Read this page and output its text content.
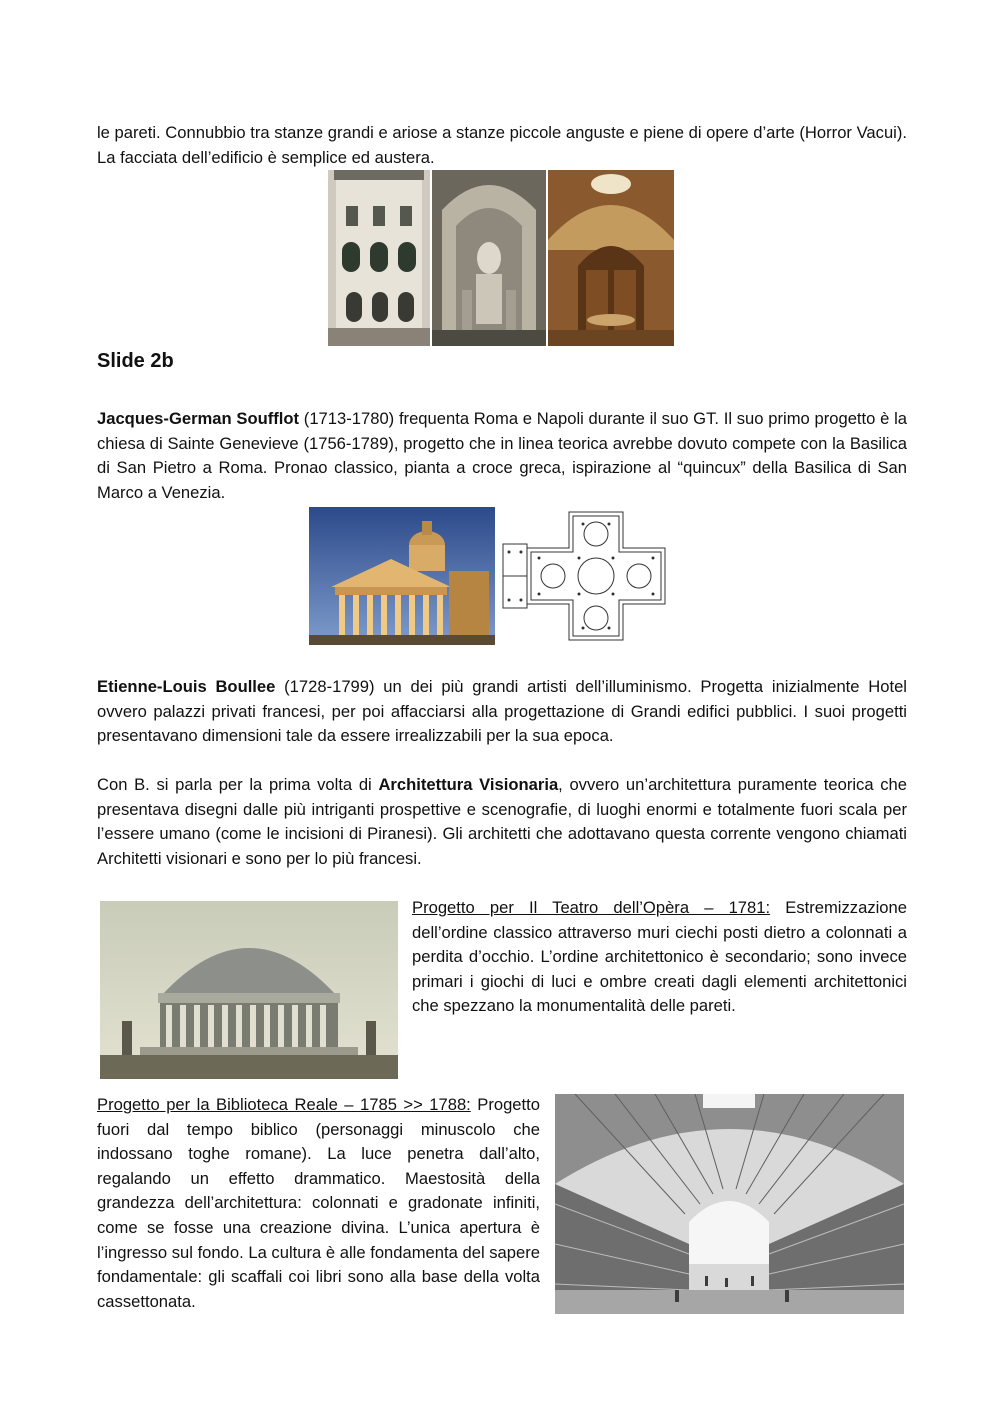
le pareti. Connubbio tra stanze grandi e ariose a stanze piccole anguste e piene di opere d’arte (Horror Vacui). La facciata dell’edificio è semplice ed austera.

Slide 2b

Jacques-German Soufflot (1713-1780) frequenta Roma e Napoli durante il suo GT. Il suo primo progetto è la chiesa di Sainte Genevieve (1756-1789), progetto che in linea teorica avrebbe dovuto compete con la Basilica di San Pietro a Roma. Pronao classico, pianta a croce greca, ispirazione al “quincux” della Basilica di San Marco a Venezia.

Etienne-Louis Boullee (1728-1799) un dei più grandi artisti dell’illuminismo. Progetta inizialmente Hotel ovvero palazzi privati francesi, per poi affacciarsi alla progettazione di Grandi edifici pubblici. I suoi progetti presentavano dimensioni tale da essere irrealizzabili per la sua epoca.

Con B. si parla per la prima volta di Architettura Visionaria, ovvero un’architettura puramente teorica che presentava disegni dalle più intriganti prospettive e scenografie, di luoghi enormi e totalmente fuori scala per l’essere umano (come le incisioni di Piranesi). Gli architetti che adottavano questa corrente vengono chiamati Architetti visionari e sono per lo più francesi.

Progetto per Il Teatro dell’Opèra – 1781: Estremizzazione dell’ordine classico attraverso muri ciechi posti dietro a colonnati a perdita d’occhio. L’ordine architettonico è secondario; sono invece primari i giochi di luci e ombre creati dagli elementi architettonici che spezzano la monumentalità delle pareti.

Progetto per la Biblioteca Reale – 1785 >> 1788: Progetto fuori dal tempo biblico (personaggi minuscolo che indossano toghe romane). La luce penetra dall’alto, regalando un effetto drammatico. Maestosità della grandezza dell’architettura: colonnati e gradonate infiniti, come se fosse una creazione divina. L’unica apertura è l’ingresso sul fondo. La cultura è alle fondamenta del sapere fondamentale: gli scaffali coi libri sono alla base della volta cassettonata.
